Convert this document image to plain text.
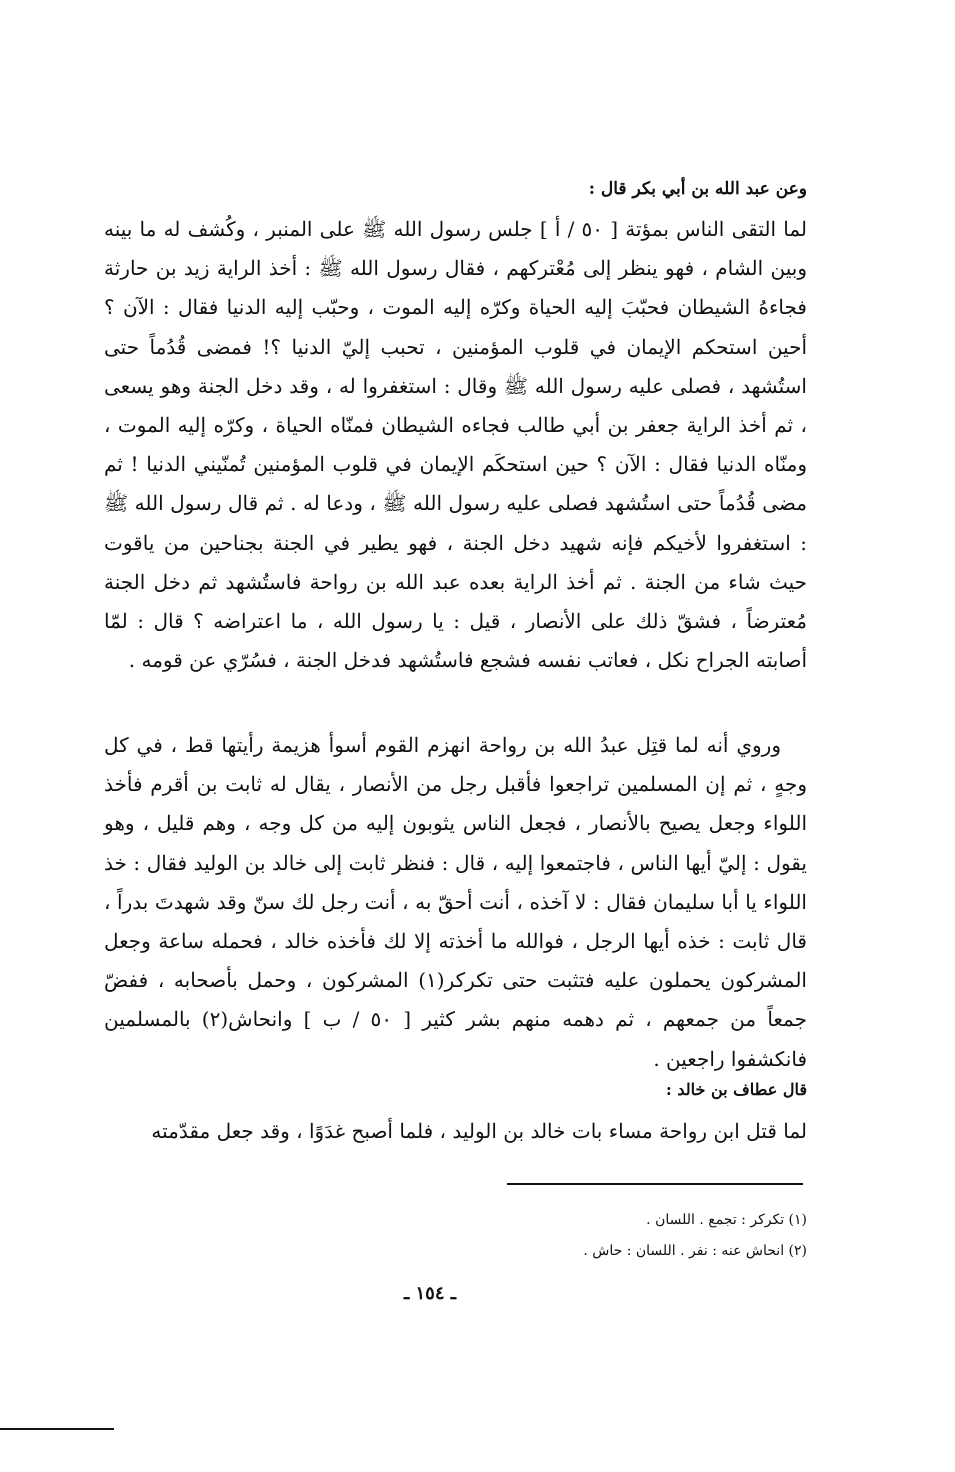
وعن عبد الله بن أبي بكر قال :
لما التقى الناس بمؤتة [ ٥٠ / أ ] جلس رسول الله ﷺ على المنبر ، وكُشف له ما بينه وبين الشام ، فهو ينظر إلى مُعْتركهم ، فقال رسول الله ﷺ : أخذ الراية زيد بن حارثة فجاءهُ الشيطان فحبّبَ إليه الحياة وكرّه إليه الموت ، وحبّب إليه الدنيا فقال : الآن ؟ أحين استحكم الإيمان في قلوب المؤمنين ، تحبب إليّ الدنيا ؟! فمضى قُدُماً حتى استُشهد ، فصلى عليه رسول الله ﷺ وقال : استغفروا له ، وقد دخل الجنة وهو يسعى ، ثم أخذ الراية جعفر بن أبي طالب فجاءه الشيطان فمنّاه الحياة ، وكرّه إليه الموت ، ومنّاه الدنيا فقال : الآن ؟ حين استحكَم الإيمان في قلوب المؤمنين تُمنّيني الدنيا ! ثم مضى قُدُماً حتى استُشهد فصلى عليه رسول الله ﷺ ، ودعا له . ثم قال رسول الله ﷺ : استغفروا لأخيكم فإنه شهيد دخل الجنة ، فهو يطير في الجنة بجناحين من ياقوت حيث شاء من الجنة . ثم أخذ الراية بعده عبد الله بن رواحة فاستُشهد ثم دخل الجنة مُعترضاً ، فشقّ ذلك على الأنصار ، قيل : يا رسول الله ، ما اعتراضه ؟ قال : لمّا أصابته الجراح نكل ، فعاتب نفسه فشجع فاستُشهد فدخل الجنة ، فسُرّي عن قومه .
وروي أنه لما قتِل عبدُ الله بن رواحة انهزم القوم أسوأ هزيمة رأيتها قط ، في كل وجهٍ ، ثم إن المسلمين تراجعوا فأقبل رجل من الأنصار ، يقال له ثابت بن أقرم فأخذ اللواء وجعل يصيح بالأنصار ، فجعل الناس يثوبون إليه من كل وجه ، وهم قليل ، وهو يقول : إليّ أيها الناس ، فاجتمعوا إليه ، قال : فنظر ثابت إلى خالد بن الوليد فقال : خذ اللواء يا أبا سليمان فقال : لا آخذه ، أنت أحقّ به ، أنت رجل لك سنّ وقد شهدتَ بدراً ، قال ثابت : خذه أيها الرجل ، فوالله ما أخذته إلا لك فأخذه خالد ، فحمله ساعة وجعل المشركون يحملون عليه فتثبت حتى تكركر(١) المشركون ، وحمل بأصحابه ، ففضّ جمعاً من جمعهم ، ثم دهمه منهم بشر كثير [ ٥٠ / ب ] وانحاش(٢) بالمسلمين فانكشفوا راجعين .
قال عطاف بن خالد :
لما قتل ابن رواحة مساء بات خالد بن الوليد ، فلما أصبح غدَوًا ، وقد جعل مقدّمته
(١) تكركر : تجمع . اللسان .
(٢) انحاش عنه : نفر . اللسان : حاش .
ـ ١٥٤ ـ
